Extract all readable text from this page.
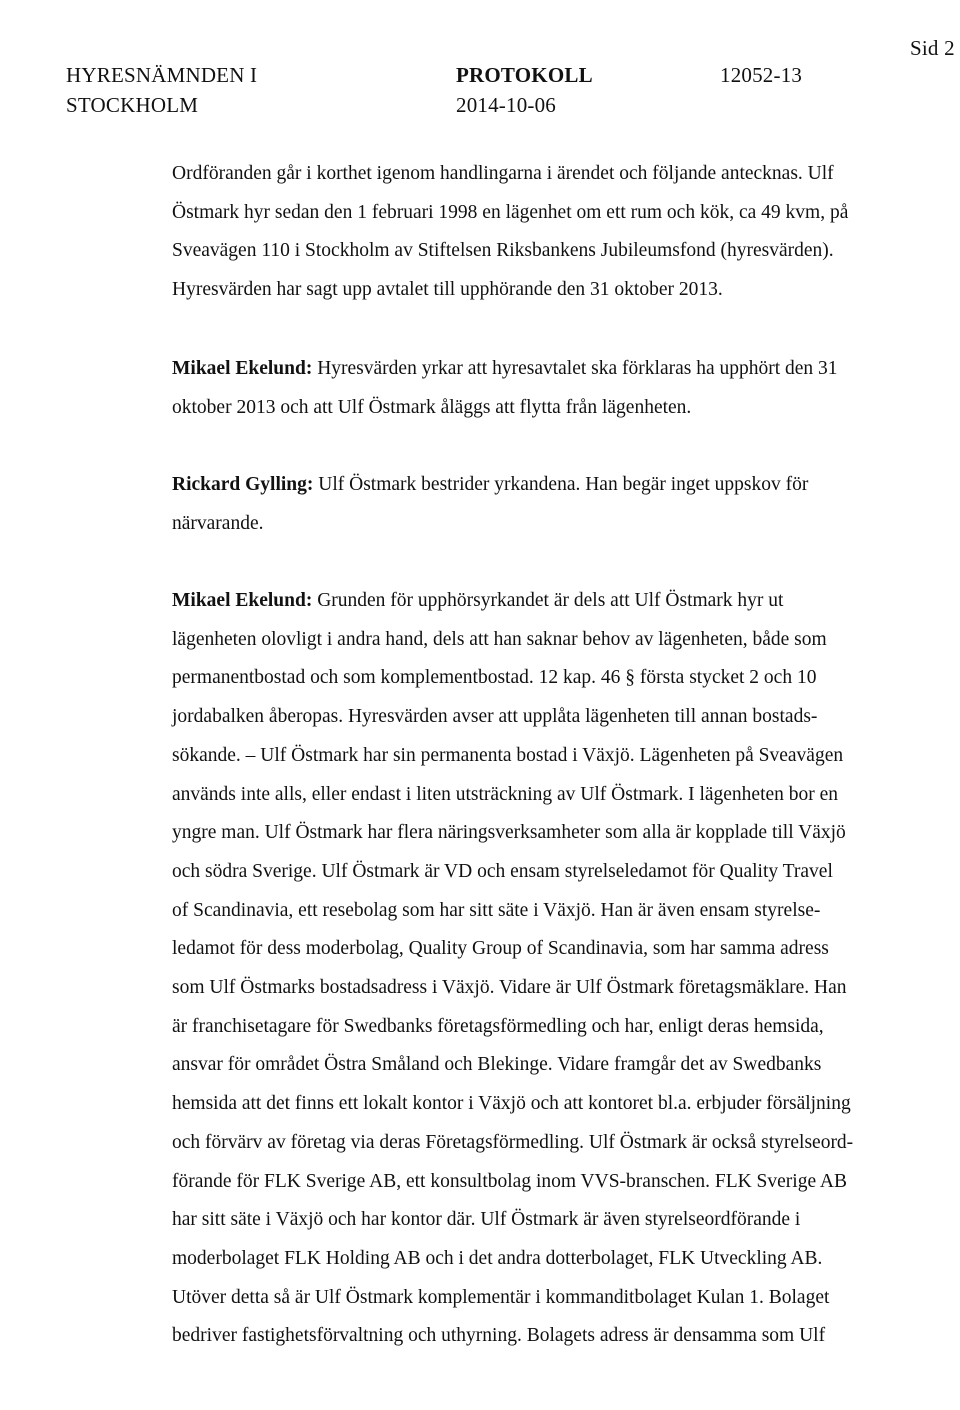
HYRESNÄMNDEN I
STOCKHOLM
PROTOKOLL
2014-10-06
12052-13
Sid 2

Ordföranden går i korthet igenom handlingarna i ärendet och följande antecknas. Ulf
Östmark hyr sedan den 1 februari 1998 en lägenhet om ett rum och kök, ca 49 kvm, på
Sveavägen 110 i Stockholm av Stiftelsen Riksbankens Jubileumsfond (hyresvärden).
Hyresvärden har sagt upp avtalet till upphörande den 31 oktober 2013.

Mikael Ekelund: Hyresvärden yrkar att hyresavtalet ska förklaras ha upphört den 31
oktober 2013 och att Ulf Östmark åläggs att flytta från lägenheten.

Rickard Gylling: Ulf Östmark bestrider yrkandena. Han begär inget uppskov för
närvarande.

Mikael Ekelund: Grunden för upphörsyrkandet är dels att Ulf Östmark hyr ut
lägenheten olovligt i andra hand, dels att han saknar behov av lägenheten, både som
permanentbostad och som komplementbostad. 12 kap. 46 § första stycket 2 och 10
jordabalken åberopas. Hyresvärden avser att upplåta lägenheten till annan bostads-
sökande. – Ulf Östmark har sin permanenta bostad i Växjö. Lägenheten på Sveavägen
används inte alls, eller endast i liten utsträckning av Ulf Östmark. I lägenheten bor en
yngre man. Ulf Östmark har flera näringsverksamheter som alla är kopplade till Växjö
och södra Sverige. Ulf Östmark är VD och ensam styrelseledamot för Quality Travel
of Scandinavia, ett resebolag som har sitt säte i Växjö. Han är även ensam styrelse-
ledamot för dess moderbolag, Quality Group of Scandinavia, som har samma adress
som Ulf Östmarks bostadsadress i Växjö. Vidare är Ulf Östmark företagsmäklare. Han
är franchisetagare för Swedbanks företagsförmedling och har, enligt deras hemsida,
ansvar för området Östra Småland och Blekinge. Vidare framgår det av Swedbanks
hemsida att det finns ett lokalt kontor i Växjö och att kontoret bl.a. erbjuder försäljning
och förvärv av företag via deras Företagsförmedling. Ulf Östmark är också styrelseord-
förande för FLK Sverige AB, ett konsultbolag inom VVS-branschen. FLK Sverige AB
har sitt säte i Växjö och har kontor där. Ulf Östmark är även styrelseordförande i
moderbolaget FLK Holding AB och i det andra dotterbolaget, FLK Utveckling AB.
Utöver detta så är Ulf Östmark komplementär i kommanditbolaget Kulan 1. Bolaget
bedriver fastighetsförvaltning och uthyrning. Bolagets adress är densamma som Ulf
